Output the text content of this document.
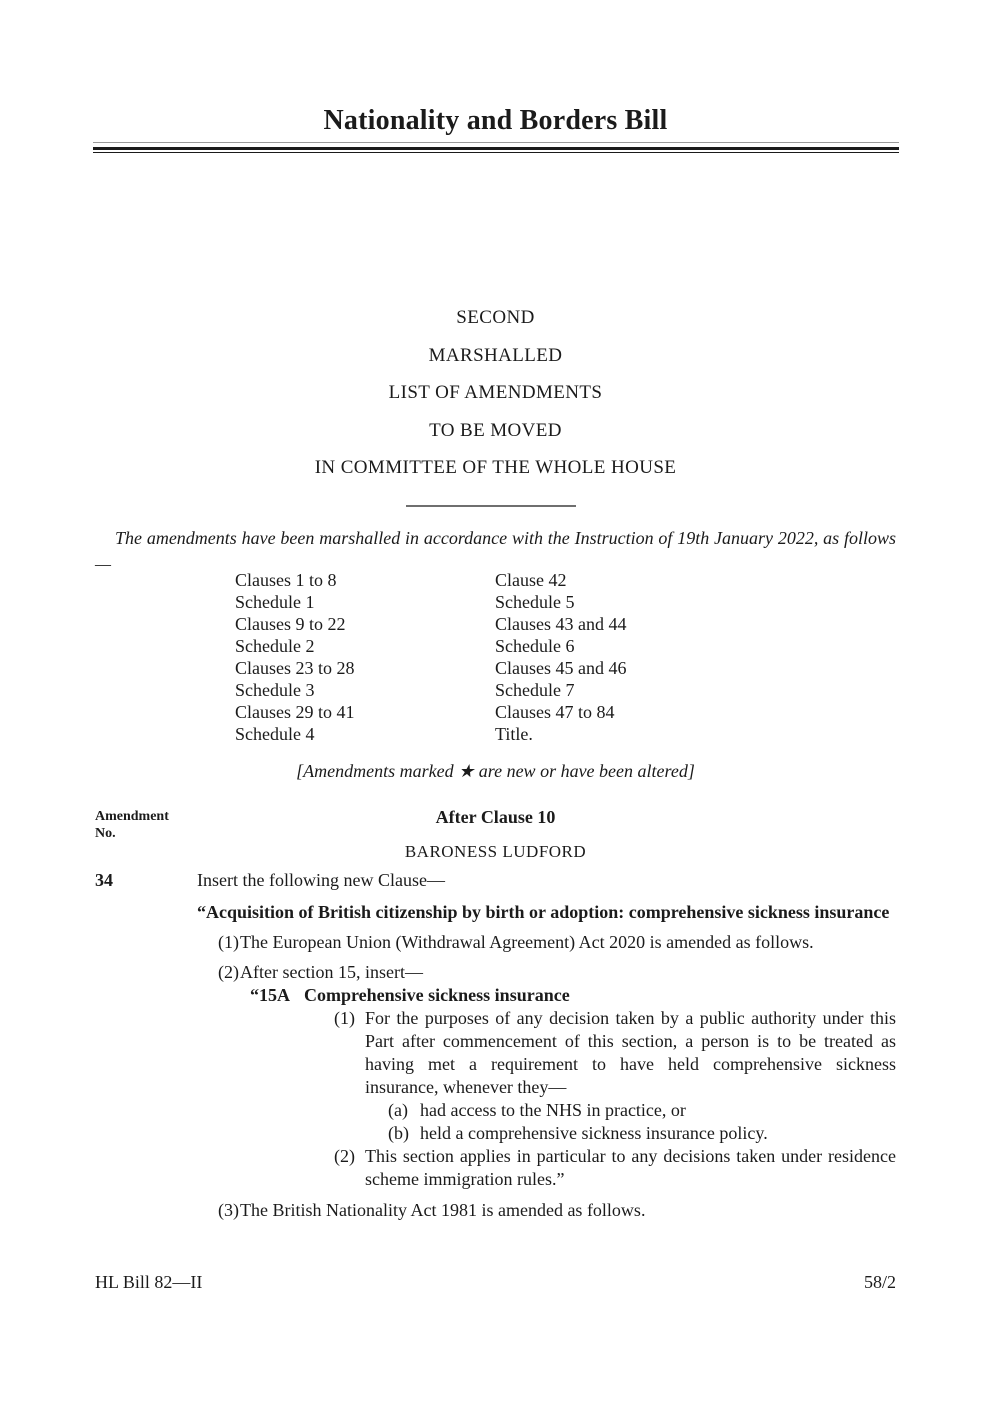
Nationality and Borders Bill
SECOND
MARSHALLED
LIST OF AMENDMENTS
TO BE MOVED
IN COMMITTEE OF THE WHOLE HOUSE

The amendments have been marshalled in accordance with the Instruction of 19th January 2022, as follows—

Clauses 1 to 8
Schedule 1
Clauses 9 to 22
Schedule 2
Clauses 23 to 28
Schedule 3
Clauses 29 to 41
Schedule 4
Clause 42
Schedule 5
Clauses 43 and 44
Schedule 6
Clauses 45 and 46
Schedule 7
Clauses 47 to 84
Title.

[Amendments marked ★ are new or have been altered]

Amendment
No.
After Clause 10
BARONESS LUDFORD
34	Insert the following new Clause—

“Acquisition of British citizenship by birth or adoption: comprehensive sickness insurance

(1) The European Union (Withdrawal Agreement) Act 2020 is amended as follows.
(2) After section 15, insert—
“15A Comprehensive sickness insurance
(1) For the purposes of any decision taken by a public authority under this Part after commencement of this section, a person is to be treated as having met a requirement to have held comprehensive sickness insurance, whenever they—
(a) had access to the NHS in practice, or
(b) held a comprehensive sickness insurance policy.
(2) This section applies in particular to any decisions taken under residence scheme immigration rules.”
(3) The British Nationality Act 1981 is amended as follows.
HL Bill 82—II	58/2
